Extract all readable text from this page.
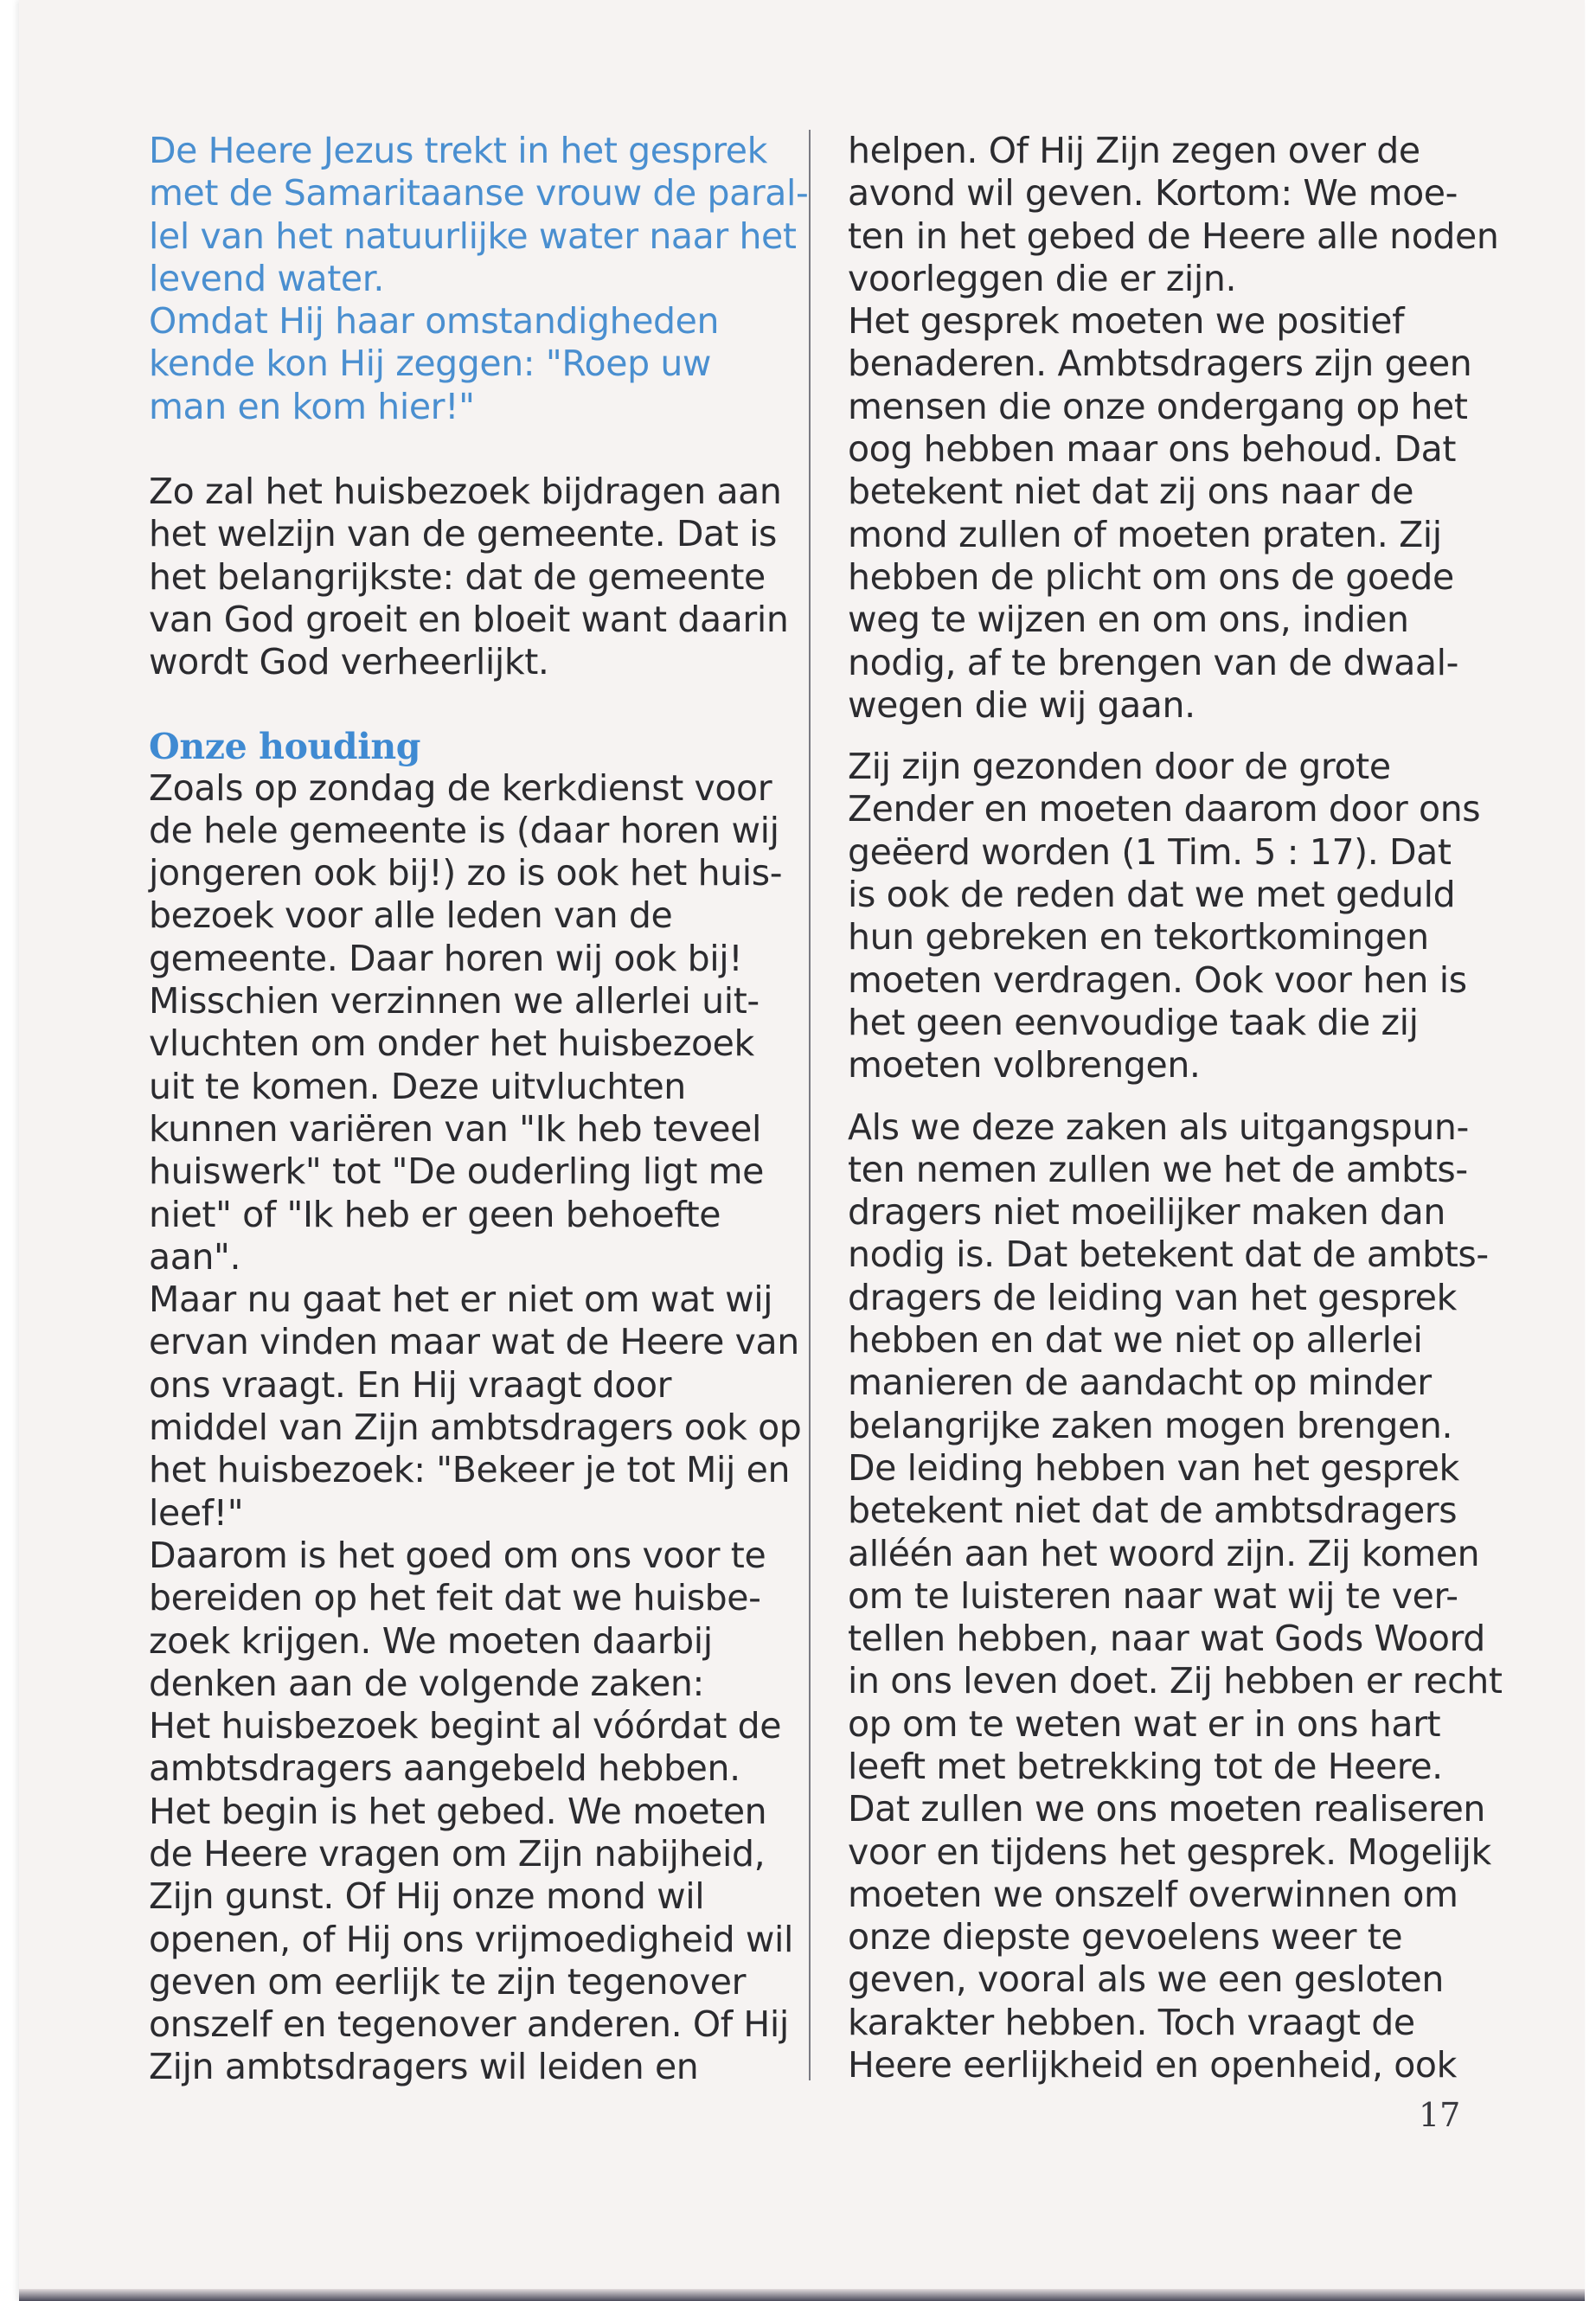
De Heere Jezus trekt in het gesprek
met de Samaritaanse vrouw de paral-
lel van het natuurlijke water naar het
levend water.

Omdat Hij haar omstandigheden
kende kon Hij zeggen: "Roep uw
man en kom hier!"

Zo zal het huisbezoek bijdragen aan
het welzijn van de gemeente. Dat is
het belangrijkste: dat de gemeente
van God groeit en bloeit want daarin
wordt God verheerlijkt.

Onze houding

Zoals op zondag de kerkdienst voor
de hele gemeente is (daar horen wij
jongeren ook bij!) zo is ook het huis-
bezoek voor alle leden van de
gemeente. Daar horen wij ook bij!
Misschien verzinnen we allerlei uit-
vluchten om onder het huisbezoek
uit te komen. Deze uitvluchten
kunnen variëren van "Ik heb teveel
huiswerk" tot "De ouderling ligt me
niet" of "Ik heb er geen behoefte
aan".

Maar nu gaat het er niet om wat wij
ervan vinden maar wat de Heere van
ons vraagt. En Hij vraagt door
middel van Zijn ambtsdragers ook op
het huisbezoek: "Bekeer je tot Mij en
leef!"

Daarom is het goed om ons voor te
bereiden op het feit dat we huisbe-
zoek krijgen. We moeten daarbij
denken aan de volgende zaken:

Het huisbezoek begint al vóórdat de
ambtsdragers aangebeld hebben.

Het begin is het gebed. We moeten
de Heere vragen om Zijn nabijheid,
Zijn gunst. Of Hij onze mond wil
openen, of Hij ons vrijmoedigheid wil
geven om eerlijk te zijn tegenover
onszelf en tegenover anderen. Of Hij
Zijn ambtsdragers wil leiden en

helpen. Of Hij Zijn zegen over de
avond wil geven. Kortom: We moe-
ten in het gebed de Heere alle noden
voorleggen die er zijn.

Het gesprek moeten we positief
benaderen. Ambtsdragers zijn geen
mensen die onze ondergang op het
oog hebben maar ons behoud. Dat
betekent niet dat zij ons naar de
mond zullen of moeten praten. Zij
hebben de plicht om ons de goede
weg te wijzen en om ons, indien
nodig, af te brengen van de dwaal-
wegen die wij gaan.

Zij zijn gezonden door de grote
Zender en moeten daarom door ons
geëerd worden (1 Tim. 5 : 17). Dat
is ook de reden dat we met geduld
hun gebreken en tekortkomingen
moeten verdragen. Ook voor hen is
het geen eenvoudige taak die zij
moeten volbrengen.

Als we deze zaken als uitgangspun-
ten nemen zullen we het de ambts-
dragers niet moeilijker maken dan
nodig is. Dat betekent dat de ambts-
dragers de leiding van het gesprek
hebben en dat we niet op allerlei
manieren de aandacht op minder
belangrijke zaken mogen brengen.

De leiding hebben van het gesprek
betekent niet dat de ambtsdragers
alléén aan het woord zijn. Zij komen
om te luisteren naar wat wij te ver-
tellen hebben, naar wat Gods Woord
in ons leven doet. Zij hebben er recht
op om te weten wat er in ons hart
leeft met betrekking tot de Heere.
Dat zullen we ons moeten realiseren
voor en tijdens het gesprek. Mogelijk
moeten we onszelf overwinnen om
onze diepste gevoelens weer te
geven, vooral als we een gesloten
karakter hebben. Toch vraagt de
Heere eerlijkheid en openheid, ook

17
